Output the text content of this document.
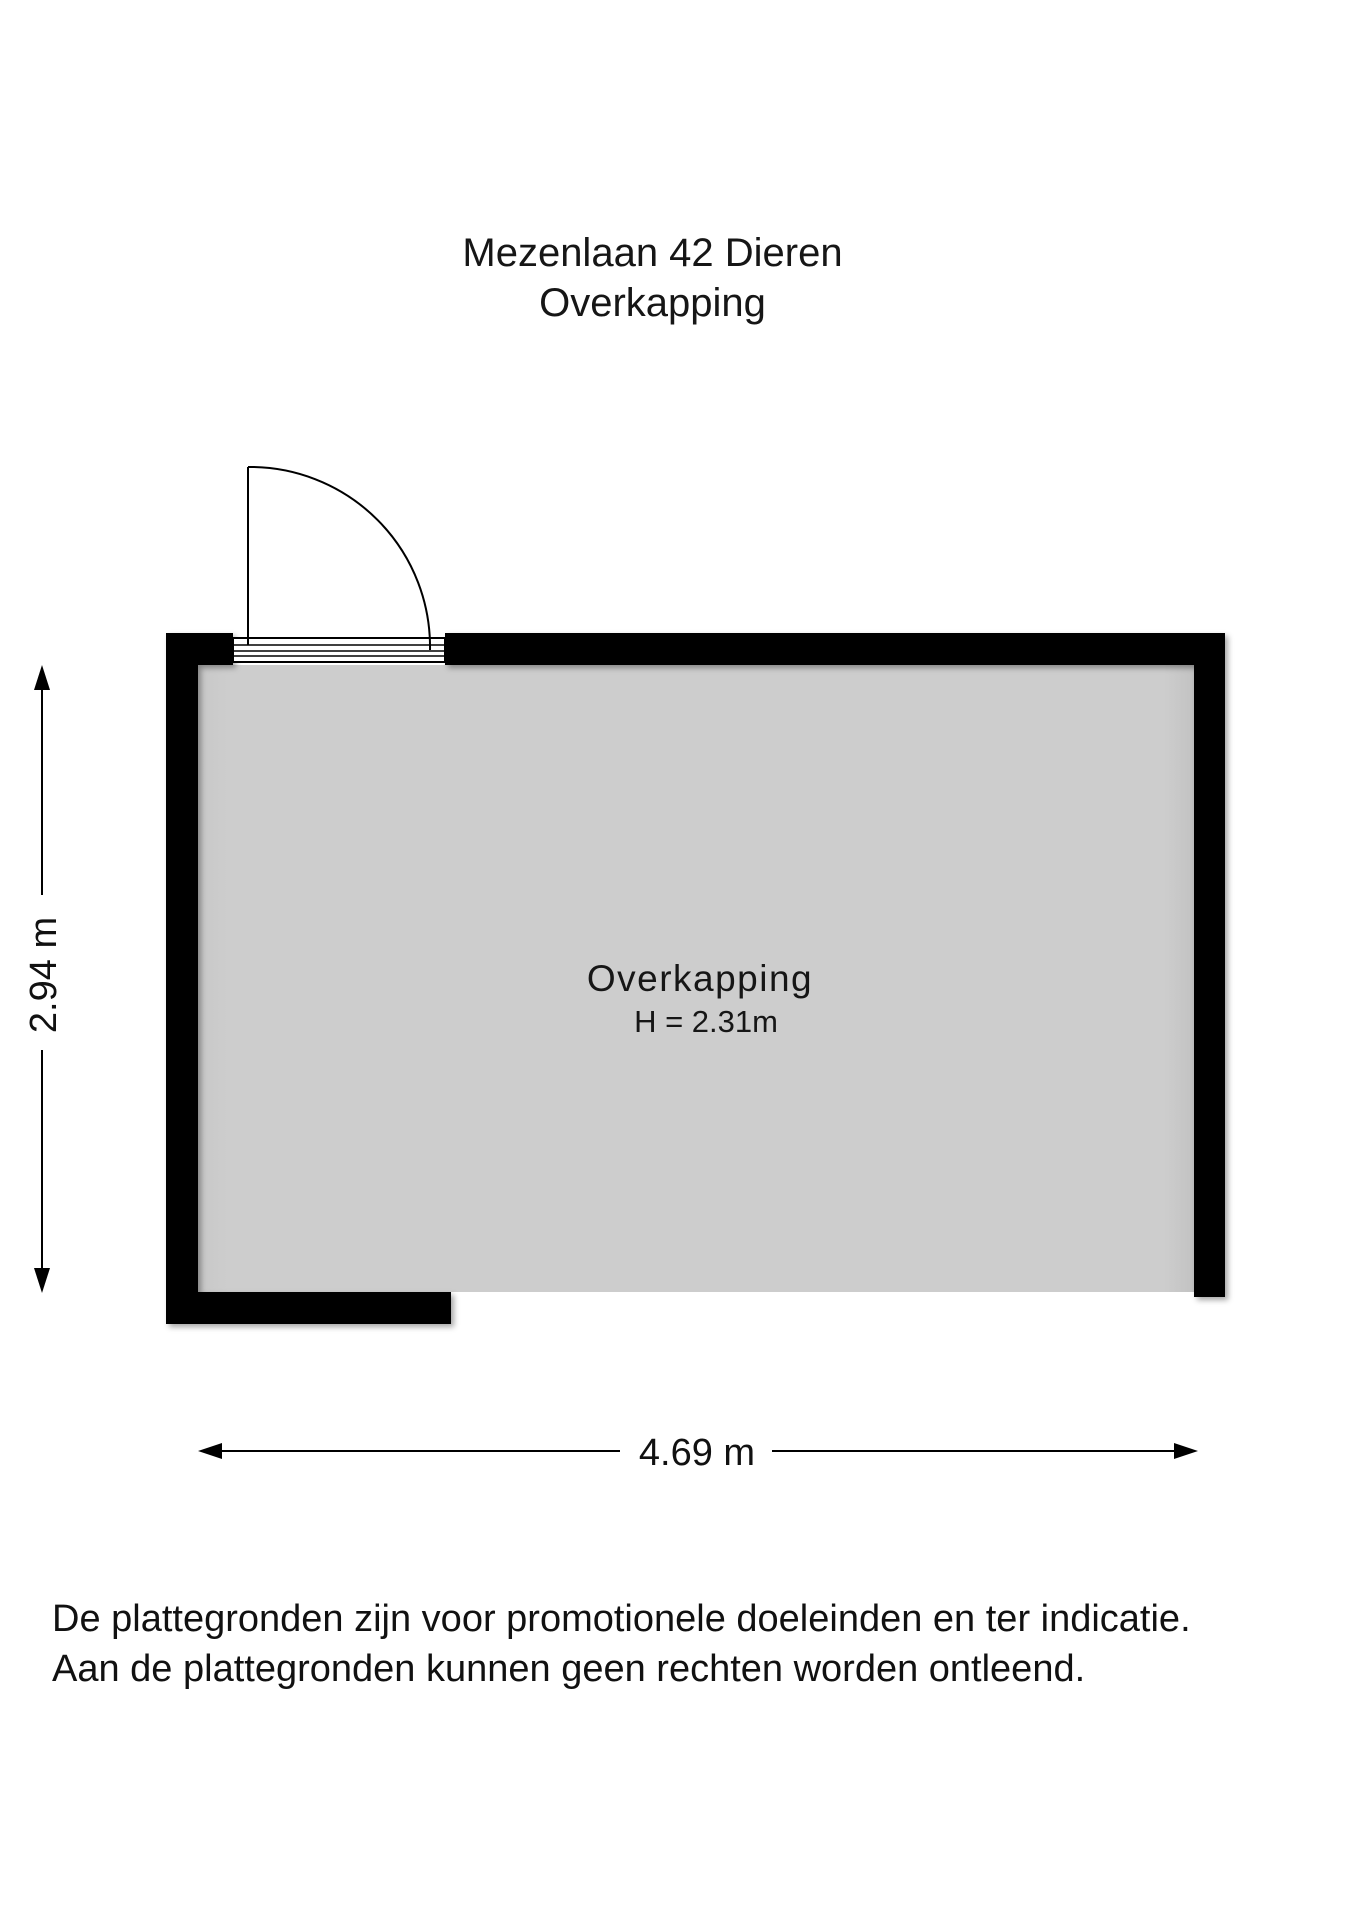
Mezenlaan 42 Dieren
Overkapping
Overkapping
H = 2.31m
4.69 m
2.94 m
De plattegronden zijn voor promotionele doeleinden en ter indicatie.
Aan de plattegronden kunnen geen rechten worden ontleend.
